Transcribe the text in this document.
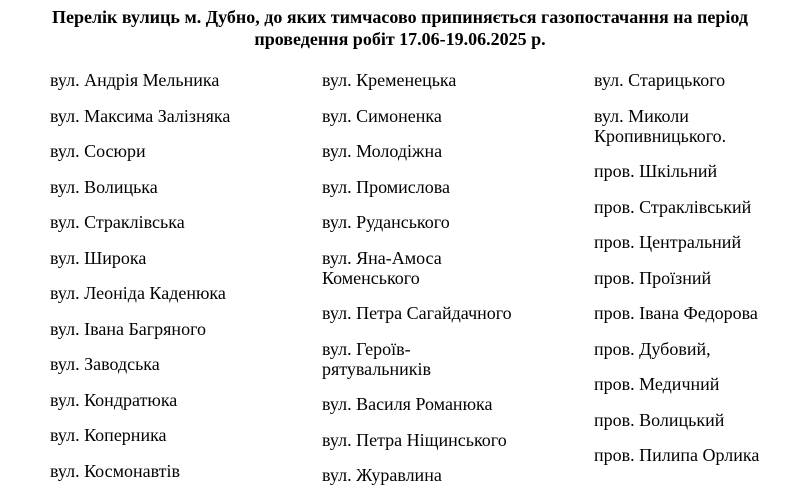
Перелік вулиць м. Дубно, до яких тимчасово припиняється газопостачання на період
проведення робіт 17.06-19.06.2025 р.
вул. Андрія Мельника
вул. Максима Залізняка
вул. Сосюри
вул. Волицька
вул. Страклівська
вул. Широка
вул. Леоніда Каденюка
вул. Івана Багряного
вул. Заводська
вул. Кондратюка
вул. Коперника
вул. Космонавтів
вул. Кременецька
вул. Симоненка
вул. Молодіжна
вул. Промислова
вул. Руданського
вул. Яна-Амоса Коменського
вул. Петра Сагайдачного
вул. Героїв-рятувальників
вул. Василя Романюка
вул. Петра Ніщинського
вул. Журавлина
вул. Старицького
вул. Миколи Кропивницького.
пров. Шкільний
пров. Страклівський
пров. Центральний
пров. Проїзний
пров. Івана Федорова
пров. Дубовий,
пров. Медичний
пров. Волицький
пров. Пилипа Орлика
